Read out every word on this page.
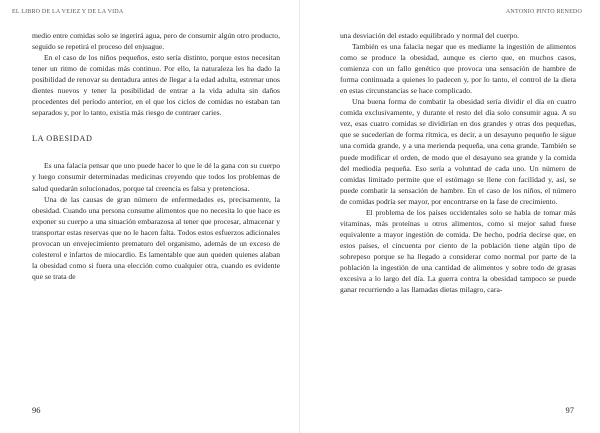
EL LIBRO DE LA VEJEZ Y DE LA VIDA

medio entre comidas solo se ingerirá agua, pero de consumir algún otro producto, seguido se repetirá el proceso del enjuague.

En el caso de los niños pequeños, esto sería distinto, porque estos necesitan tener un ritmo de comidas más continuo. Por ello, la naturaleza les ha dado la posibilidad de renovar su dentadura antes de llegar a la edad adulta, estrenar unos dientes nuevos y tener la posibilidad de entrar a la vida adulta sin daños procedentes del período anterior, en el que los ciclos de comidas no estaban tan separados y, por lo tanto, existía más riesgo de contraer caries.

LA OBESIDAD

Es una falacia pensar que uno puede hacer lo que le dé la gana con su cuerpo y luego consumir determinadas medicinas creyendo que todos los problemas de salud quedarán solucionados, porque tal creencia es falsa y pretenciosa.

Una de las causas de gran número de enfermedades es, precisamente, la obesidad. Cuando una persona consume alimentos que no necesita lo que hace es exponer su cuerpo a una situación embarazosa al tener que procesar, almacenar y transportar estas reservas que no le hacen falta. Todos estos esfuerzos adicionales provocan un envejecimiento prematuro del organismo, además de un exceso de colesterol e infartos de miocardio. Es lamentable que aun queden quienes alaban la obesidad como si fuera una elección como cualquier otra, cuando es evidente que se trata de

96
ANTONIO PINTO RENEDO
97

una desviación del estado equilibrado y normal del cuerpo.

También es una falacia negar que es mediante la ingestión de alimentos como se produce la obesidad, aunque es cierto que, en muchos casos, comienza con un fallo genético que provoca una sensación de hambre de forma continuada a quienes lo padecen y, por lo tanto, el control de la dieta en estas circunstancias se hace complicado.

Una buena forma de combatir la obesidad sería dividir el día en cuatro comida exclusivamente, y durante el resto del día solo consumir agua. A su vez, esas cuatro comidas se dividirían en dos grandes y otras dos pequeñas, que se sucederían de forma rítmica, es decir, a un desayuno pequeño le sigue una comida grande, y a una merienda pequeña, una cena grande. También se puede modificar el orden, de modo que el desayuno sea grande y la comida del mediodía pequeña. Eso sería a voluntad de cada uno. Un número de comidas limitado permite que el estómago se llene con facilidad y, así, se puede combatir la sensación de hambre. En el caso de los niños, el número de comidas podría ser mayor, por encontrarse en la fase de crecimiento.

El problema de los países occidentales solo se habla de tomar más vitaminas, más proteínas u otros alimentos, como si mejor salud fuese equivalente a mayor ingestión de comida. De hecho, podría decirse que, en estos países, el cincuenta por ciento de la población tiene algún tipo de sobrepeso porque se ha llegado a considerar como normal por parte de la población la ingestión de una cantidad de alimentos y sobre todo de grasas excesiva a lo largo del día. La guerra contra la obesidad tampoco se puede ganar recurriendo a las llamadas dietas milagro, cara-
